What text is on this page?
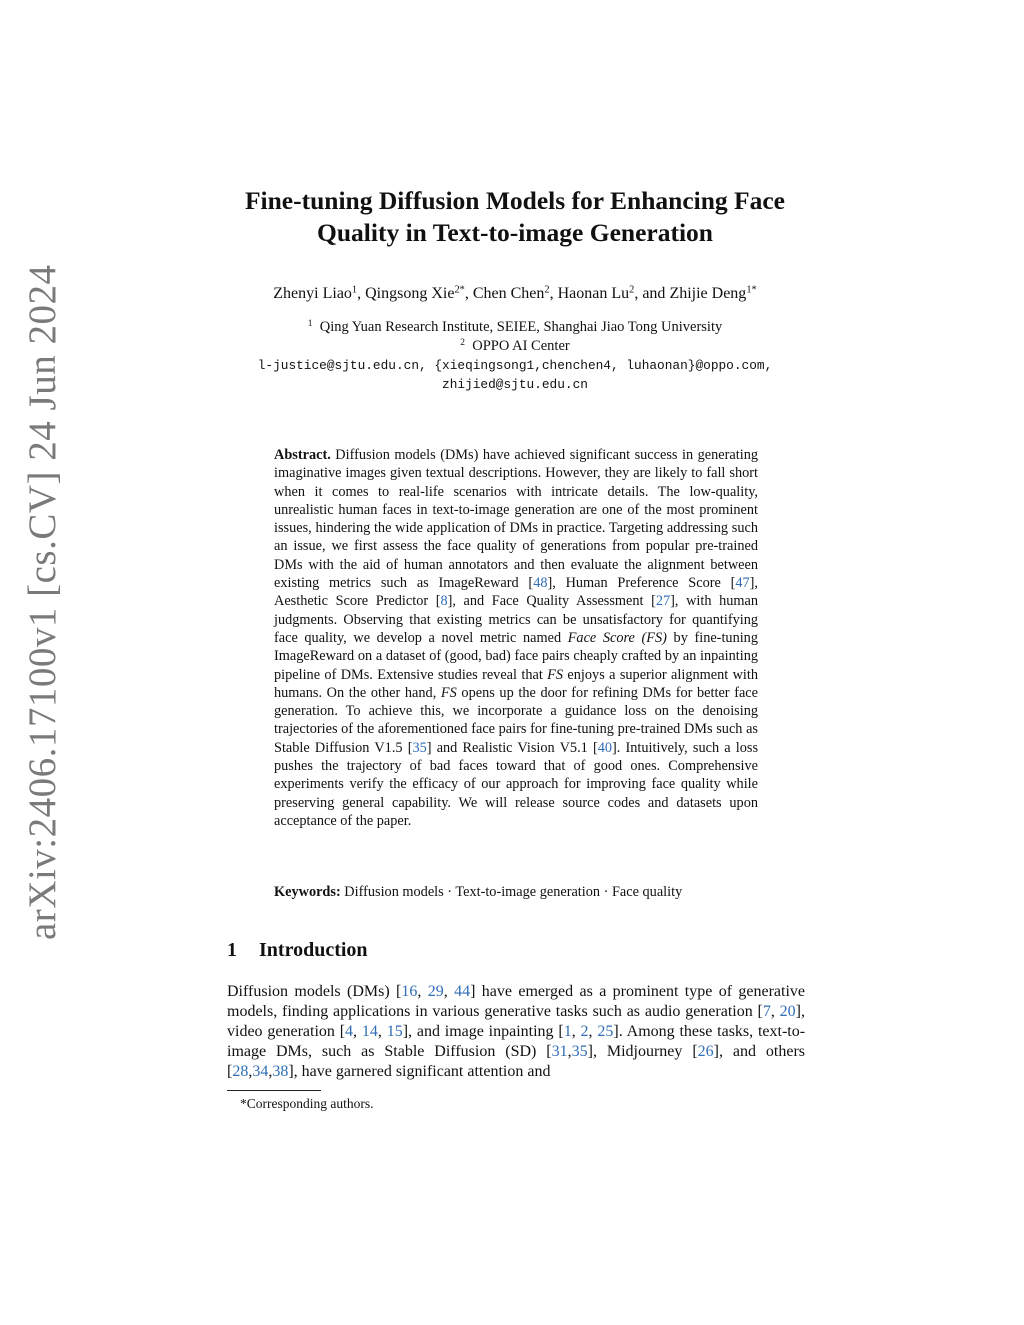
arXiv:2406.17100v1 [cs.CV] 24 Jun 2024
Fine-tuning Diffusion Models for Enhancing Face
Quality in Text-to-image Generation
Zhenyi Liao$^1$, Qingsong Xie$^{2*}$, Chen Chen$^2$, Haonan Lu$^2$, and Zhijie Deng$^{1*}$
$^1$ Qing Yuan Research Institute, SEIEE, Shanghai Jiao Tong University
$^2$ OPPO AI Center
l-justice@sjtu.edu.cn, {xieqingsong1,chenchen4, luhaonan}@oppo.com,
zhijied@sjtu.edu.cn
Abstract. Diffusion models (DMs) have achieved significant success in generating imaginative images given textual descriptions. However, they are likely to fall short when it comes to real-life scenarios with intricate details. The low-quality, unrealistic human faces in text-to-image generation are one of the most prominent issues, hindering the wide application of DMs in practice. Targeting addressing such an issue, we first assess the face quality of generations from popular pre-trained DMs with the aid of human annotators and then evaluate the alignment between existing metrics such as ImageReward [48], Human Preference Score [47], Aesthetic Score Predictor [8], and Face Quality Assessment [27], with human judgments. Observing that existing metrics can be unsatisfactory for quantifying face quality, we develop a novel metric named Face Score (FS) by fine-tuning ImageReward on a dataset of (good, bad) face pairs cheaply crafted by an inpainting pipeline of DMs. Extensive studies reveal that FS enjoys a superior alignment with humans. On the other hand, FS opens up the door for refining DMs for better face generation. To achieve this, we incorporate a guidance loss on the denoising trajectories of the aforementioned face pairs for fine-tuning pre-trained DMs such as Stable Diffusion V1.5 [35] and Realistic Vision V5.1 [40]. Intuitively, such a loss pushes the trajectory of bad faces toward that of good ones. Comprehensive experiments verify the efficacy of our approach for improving face quality while preserving general capability. We will release source codes and datasets upon acceptance of the paper.
Keywords: Diffusion models · Text-to-image generation · Face quality
1 Introduction

Diffusion models (DMs) [16, 29, 44] have emerged as a prominent type of generative models, finding applications in various generative tasks such as audio generation [7, 20], video generation [4, 14, 15], and image inpainting [1, 2, 25]. Among these tasks, text-to-image DMs, such as Stable Diffusion (SD) [31,35], Midjourney [26], and others [28,34,38], have garnered significant attention and

*Corresponding authors.
